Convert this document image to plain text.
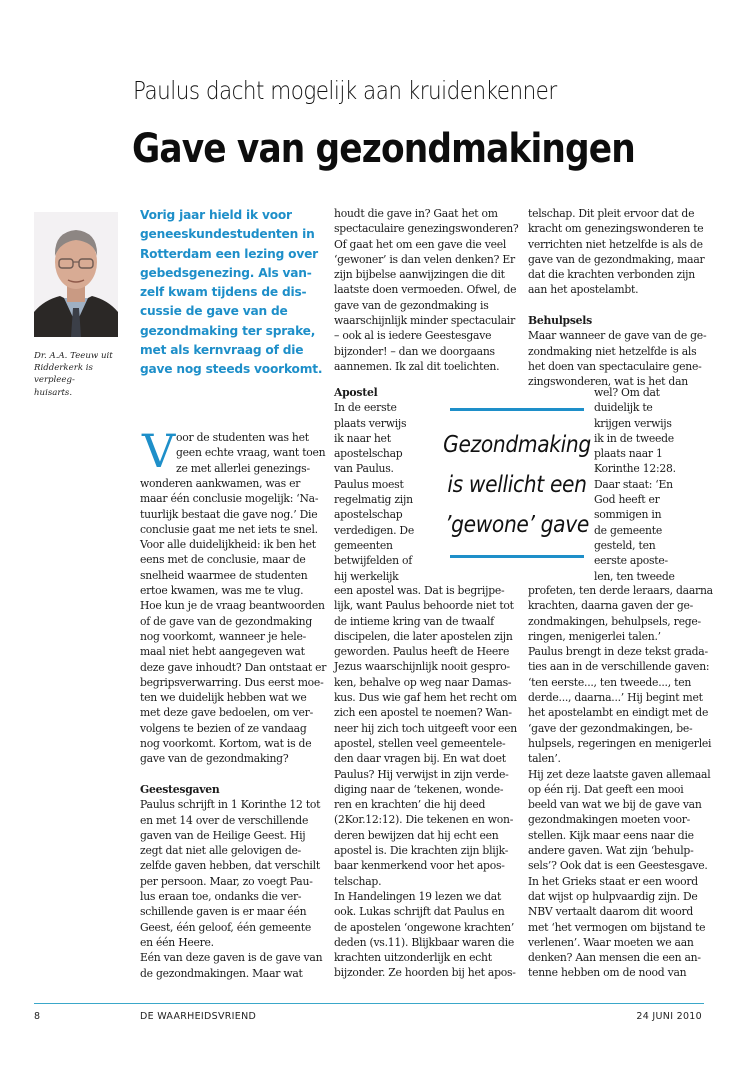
Paulus dacht mogelijk aan kruidenkenner
Gave van gezondmakingen
Dr. A.A. Teeuw uit
Ridderkerk is verpleeg-
huisarts.

Vorig jaar hield ik voor

geneeskundestudenten in

Rotterdam een lezing over

gebedsgenezing. Als van-

zelf kwam tijdens de dis-

cussie de gave van de

gezondmaking ter sprake,

met als kernvraag of die

gave nog steeds voorkomt.

V oor de studenten was het
geen echte vraag, want toen
ze met allerlei genezings-
wonderen aankwamen, was er
maar één conclusie mogelijk: ‘Na-
tuurlijk bestaat die gave nog.’ Die
conclusie gaat me net iets te snel.
Voor alle duidelijkheid: ik ben het
eens met de conclusie, maar de
snelheid waarmee de studenten
ertoe kwamen, was me te vlug.
Hoe kun je de vraag beantwoorden
of de gave van de gezondmaking
nog voorkomt, wanneer je hele-
maal niet hebt aangegeven wat
deze gave inhoudt? Dan ontstaat er
begripsverwarring. Dus eerst moe-
ten we duidelijk hebben wat we
met deze gave bedoelen, om ver-
volgens te bezien of ze vandaag
nog voorkomt. Kortom, wat is de
gave van de gezondmaking?
Geestesgaven
Paulus schrijft in 1 Korinthe 12 tot
en met 14 over de verschillende
gaven van de Heilige Geest. Hij
zegt dat niet alle gelovigen de-
zelfde gaven hebben, dat verschilt
per persoon. Maar, zo voegt Pau-
lus eraan toe, ondanks die ver-
schillende gaven is er maar één
Geest, één geloof, één gemeente
en één Heere.
Eén van deze gaven is de gave van
de gezondmakingen. Maar wat
houdt die gave in? Gaat het om
spectaculaire genezingswonderen?
Of gaat het om een gave die veel
‘gewoner’ is dan velen denken? Er
zijn bijbelse aanwijzingen die dit
laatste doen vermoeden. Ofwel, de
gave van de gezondmaking is
waarschijnlijk minder spectaculair
– ook al is iedere Geestesgave
bijzonder! – dan we doorgaans
aannemen. Ik zal dit toelichten.
Apostel
In de eerste
plaats verwijs
ik naar het
apostelschap
van Paulus.
Paulus moest
regelmatig zijn
apostelschap
verdedigen. De
gemeenten
betwijfelden of
hij werkelijk
een apostel was. Dat is begrijpe-
lijk, want Paulus behoorde niet tot
de intieme kring van de twaalf
discipelen, die later apostelen zijn
geworden. Paulus heeft de Heere
Jezus waarschijnlijk nooit gespro-
ken, behalve op weg naar Damas-
kus. Dus wie gaf hem het recht om
zich een apostel te noemen? Wan-
neer hij zich toch uitgeeft voor een
apostel, stellen veel gemeentele-
den daar vragen bij. En wat doet
Paulus? Hij verwijst in zijn verde-
diging naar de ‘tekenen, wonde-
ren en krachten’ die hij deed
(2Kor.12:12). Die tekenen en won-
deren bewijzen dat hij echt een
apostel is. Die krachten zijn blijk-
baar kenmerkend voor het apos-
telschap.
In Handelingen 19 lezen we dat
ook. Lukas schrijft dat Paulus en
de apostelen ‘ongewone krachten’
deden (vs.11). Blijkbaar waren die
krachten uitzonderlijk en echt
bijzonder. Ze hoorden bij het apos-
telschap. Dit pleit ervoor dat de
kracht om genezingswonderen te
verrichten niet hetzelfde is als de
gave van de gezondmaking, maar
dat die krachten verbonden zijn
aan het apostelambt.
Behulpsels
Maar wanneer de gave van de ge-
zondmaking niet hetzelfde is als
het doen van spectaculaire gene-
zingswonderen, wat is het dan
wel? Om dat
duidelijk te
krijgen verwijs
ik in de tweede
plaats naar 1
Korinthe 12:28.
Daar staat: ‘En
God heeft er
sommigen in
de gemeente
gesteld, ten
eerste aposte-
len, ten tweede
profeten, ten derde leraars, daarna
krachten, daarna gaven der ge-
zondmakingen, behulpsels, rege-
ringen, menigerlei talen.’
Paulus brengt in deze tekst grada-
ties aan in de verschillende gaven:
‘ten eerste..., ten tweede..., ten
derde..., daarna...’ Hij begint met
het apostelambt en eindigt met de
‘gave der gezondmakingen, be-
hulpsels, regeringen en menigerlei
talen’.
Hij zet deze laatste gaven allemaal
op één rij. Dat geeft een mooi
beeld van wat we bij de gave van
gezondmakingen moeten voor-
stellen. Kijk maar eens naar die
andere gaven. Wat zijn ‘behulp-
sels’? Ook dat is een Geestesgave.
In het Grieks staat er een woord
dat wijst op hulpvaardig zijn. De
NBV vertaalt daarom dit woord
met ‘het vermogen om bijstand te
verlenen’. Waar moeten we aan
denken? Aan mensen die een an-
tenne hebben om de nood van
Gezondmaking
is wellicht een
’gewone’ gave
8	DE WAARHEIDSVRIEND	24 JUNI 2010
